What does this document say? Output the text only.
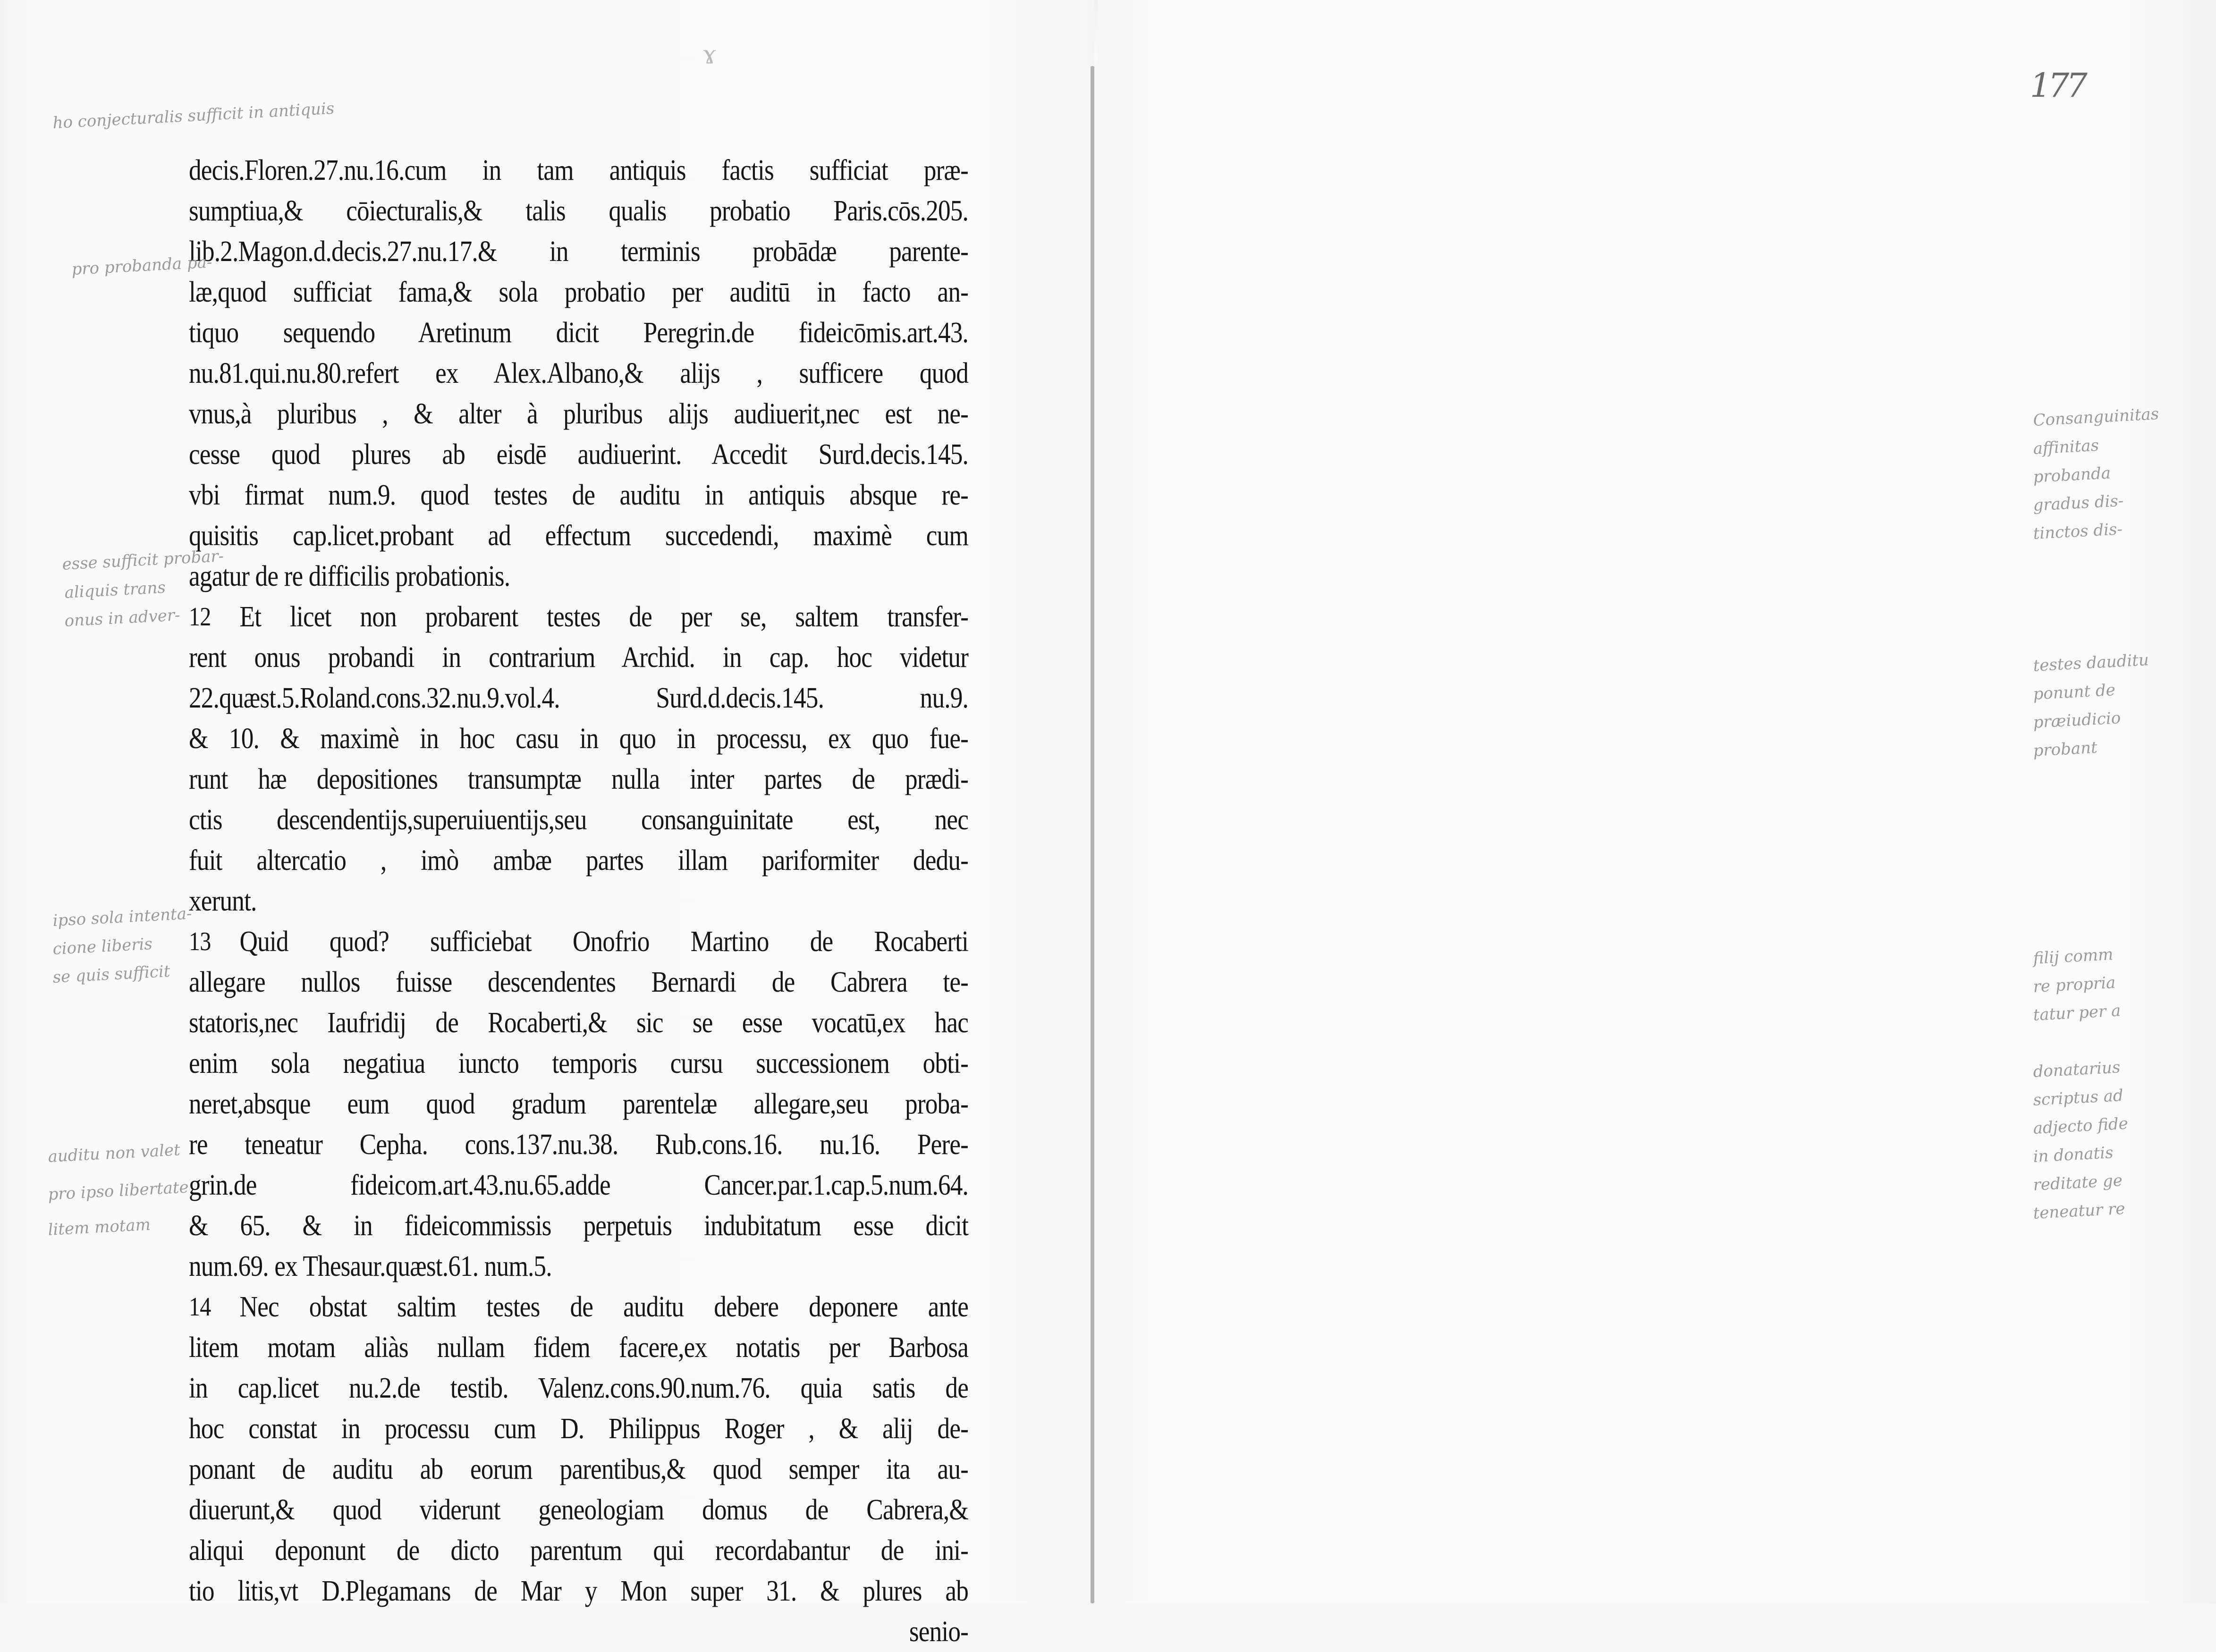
ɤ
decis.Floren.27.nu.16.cum in tam antiquis factis sufficiat præ-
sumptiua,& cōiecturalis,& talis qualis probatio Paris.cōs.205.
lib.2.Magon.d.decis.27.nu.17.& in terminis probādæ parente-
læ,quod sufficiat fama,& sola probatio per auditū in facto an-
tiquo sequendo Aretinum dicit Peregrin.de fideicōmis.art.43.
nu.81.qui.nu.80.refert ex Alex.Albano,& alijs , sufficere quod
vnus,à pluribus , & alter à pluribus alijs audiuerit,nec est ne-
cesse quod plures ab eisdē audiuerint. Accedit Surd.decis.145.
vbi firmat num.9. quod testes de auditu in antiquis absque re-
quisitis cap.licet.probant ad effectum succedendi, maximè cum
agatur de re difficilis probationis.
12 Et licet non probarent testes de per se, saltem transfer-
rent onus probandi in contrarium Archid. in cap. hoc videtur
22.quæst.5.Roland.cons.32.nu.9.vol.4. Surd.d.decis.145. nu.9.
& 10. & maximè in hoc casu in quo in processu, ex quo fue-
runt hæ depositiones transumptæ nulla inter partes de prædi-
ctis descendentijs,superuiuentijs,seu consanguinitate est, nec
fuit altercatio , imò ambæ partes illam pariformiter dedu-
xerunt.
13 Quid quod? sufficiebat Onofrio Martino de Rocaberti
allegare nullos fuisse descendentes Bernardi de Cabrera te-
statoris,nec Iaufridij de Rocaberti,& sic se esse vocatū,ex hac
enim sola negatiua iuncto temporis cursu successionem obti-
neret,absque eum quod gradum parentelæ allegare,seu proba-
re teneatur Cepha. cons.137.nu.38. Rub.cons.16. nu.16. Pere-
grin.de fideicom.art.43.nu.65.adde Cancer.par.1.cap.5.num.64.
& 65. & in fideicommissis perpetuis indubitatum esse dicit
num.69. ex Thesaur.quæst.61. num.5.
14 Nec obstat saltim testes de auditu debere deponere ante
litem motam aliàs nullam fidem facere,ex notatis per Barbosa
in cap.licet nu.2.de testib. Valenz.cons.90.num.76. quia satis de
hoc constat in processu cum D. Philippus Roger , & alij de-
ponant de auditu ab eorum parentibus,& quod semper ita au-
diuerunt,& quod viderunt geneologiam domus de Cabrera,&
aliqui deponunt de dicto parentum qui recordabantur de ini-
tio litis,vt D.Plegamans de Mar y Mon super 31. & plures ab
senio-
ho conjecturalis sufficit in antiquis
pro probanda pa-
esse sufficit probar-
aliquis trans
onus in adver-
ipso sola intenta-
cione liberis
se quis sufficit
auditu non valet
pro ipso libertate
litem motam
Consanguinitas
affinitas
probanda
gradus dis-
tinctos dis-
testes dauditu
ponunt de
præiudicio
probant
filij comm
re propria
tatur per a
donatarius
scriptus ad
adjecto fide
in donatis
reditate ge
teneatur re
177
